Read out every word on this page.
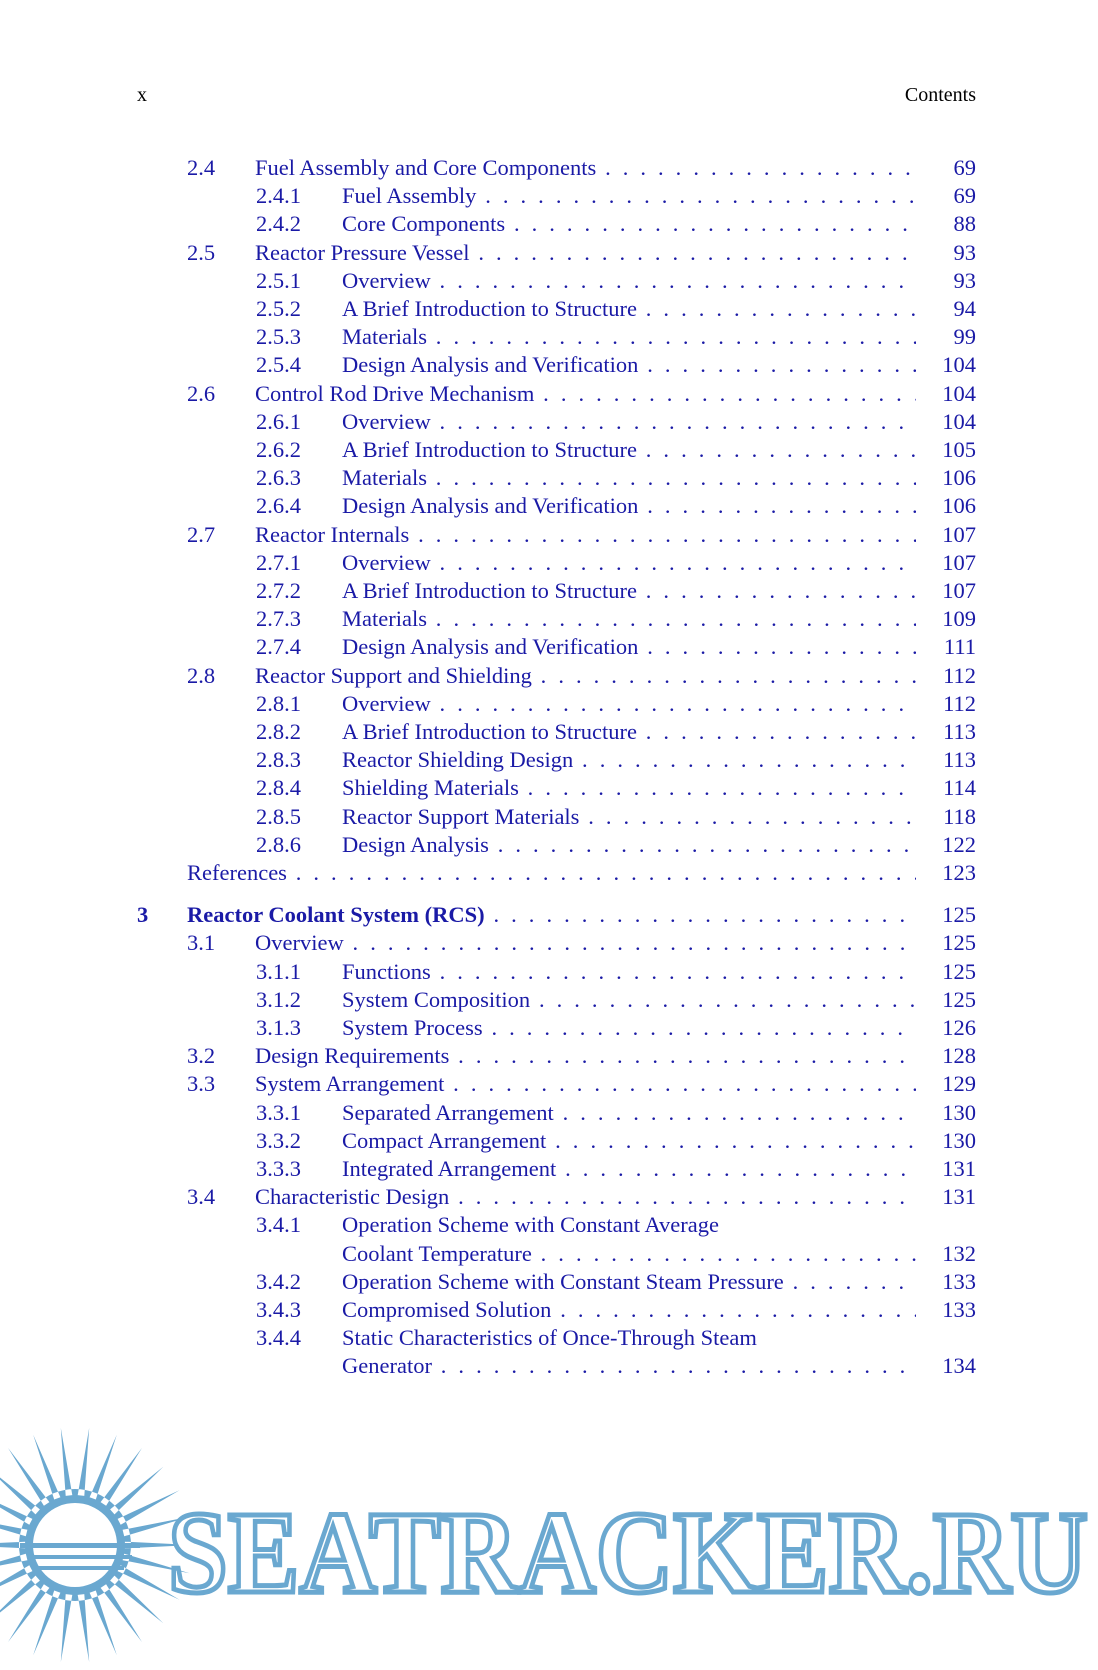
x	Contents
2.4 Fuel Assembly and Core Components . . .	69
2.4.1 Fuel Assembly . . .	69
2.4.2 Core Components . . .	88
2.5 Reactor Pressure Vessel . . .	93
2.5.1 Overview . . .	93
2.5.2 A Brief Introduction to Structure . . .	94
2.5.3 Materials . . .	99
2.5.4 Design Analysis and Verification . . .	104
2.6 Control Rod Drive Mechanism . . .	104
2.6.1 Overview . . .	104
2.6.2 A Brief Introduction to Structure . . .	105
2.6.3 Materials . . .	106
2.6.4 Design Analysis and Verification . . .	106
2.7 Reactor Internals . . .	107
2.7.1 Overview . . .	107
2.7.2 A Brief Introduction to Structure . . .	107
2.7.3 Materials . . .	109
2.7.4 Design Analysis and Verification . . .	111
2.8 Reactor Support and Shielding . . .	112
2.8.1 Overview . . .	112
2.8.2 A Brief Introduction to Structure . . .	113
2.8.3 Reactor Shielding Design . . .	113
2.8.4 Shielding Materials . . .	114
2.8.5 Reactor Support Materials . . .	118
2.8.6 Design Analysis . . .	122
References . . .	123
3 Reactor Coolant System (RCS) . . .	125
3.1 Overview . . .	125
3.1.1 Functions . . .	125
3.1.2 System Composition . . .	125
3.1.3 System Process . . .	126
3.2 Design Requirements . . .	128
3.3 System Arrangement . . .	129
3.3.1 Separated Arrangement . . .	130
3.3.2 Compact Arrangement . . .	130
3.3.3 Integrated Arrangement . . .	131
3.4 Characteristic Design . . .	131
3.4.1 Operation Scheme with Constant Average
Coolant Temperature . . .	132
3.4.2 Operation Scheme with Constant Steam Pressure . . .	133
3.4.3 Compromised Solution . . .	133
3.4.4 Static Characteristics of Once-Through Steam
Generator . . .	134
SEATRACKER.RU
